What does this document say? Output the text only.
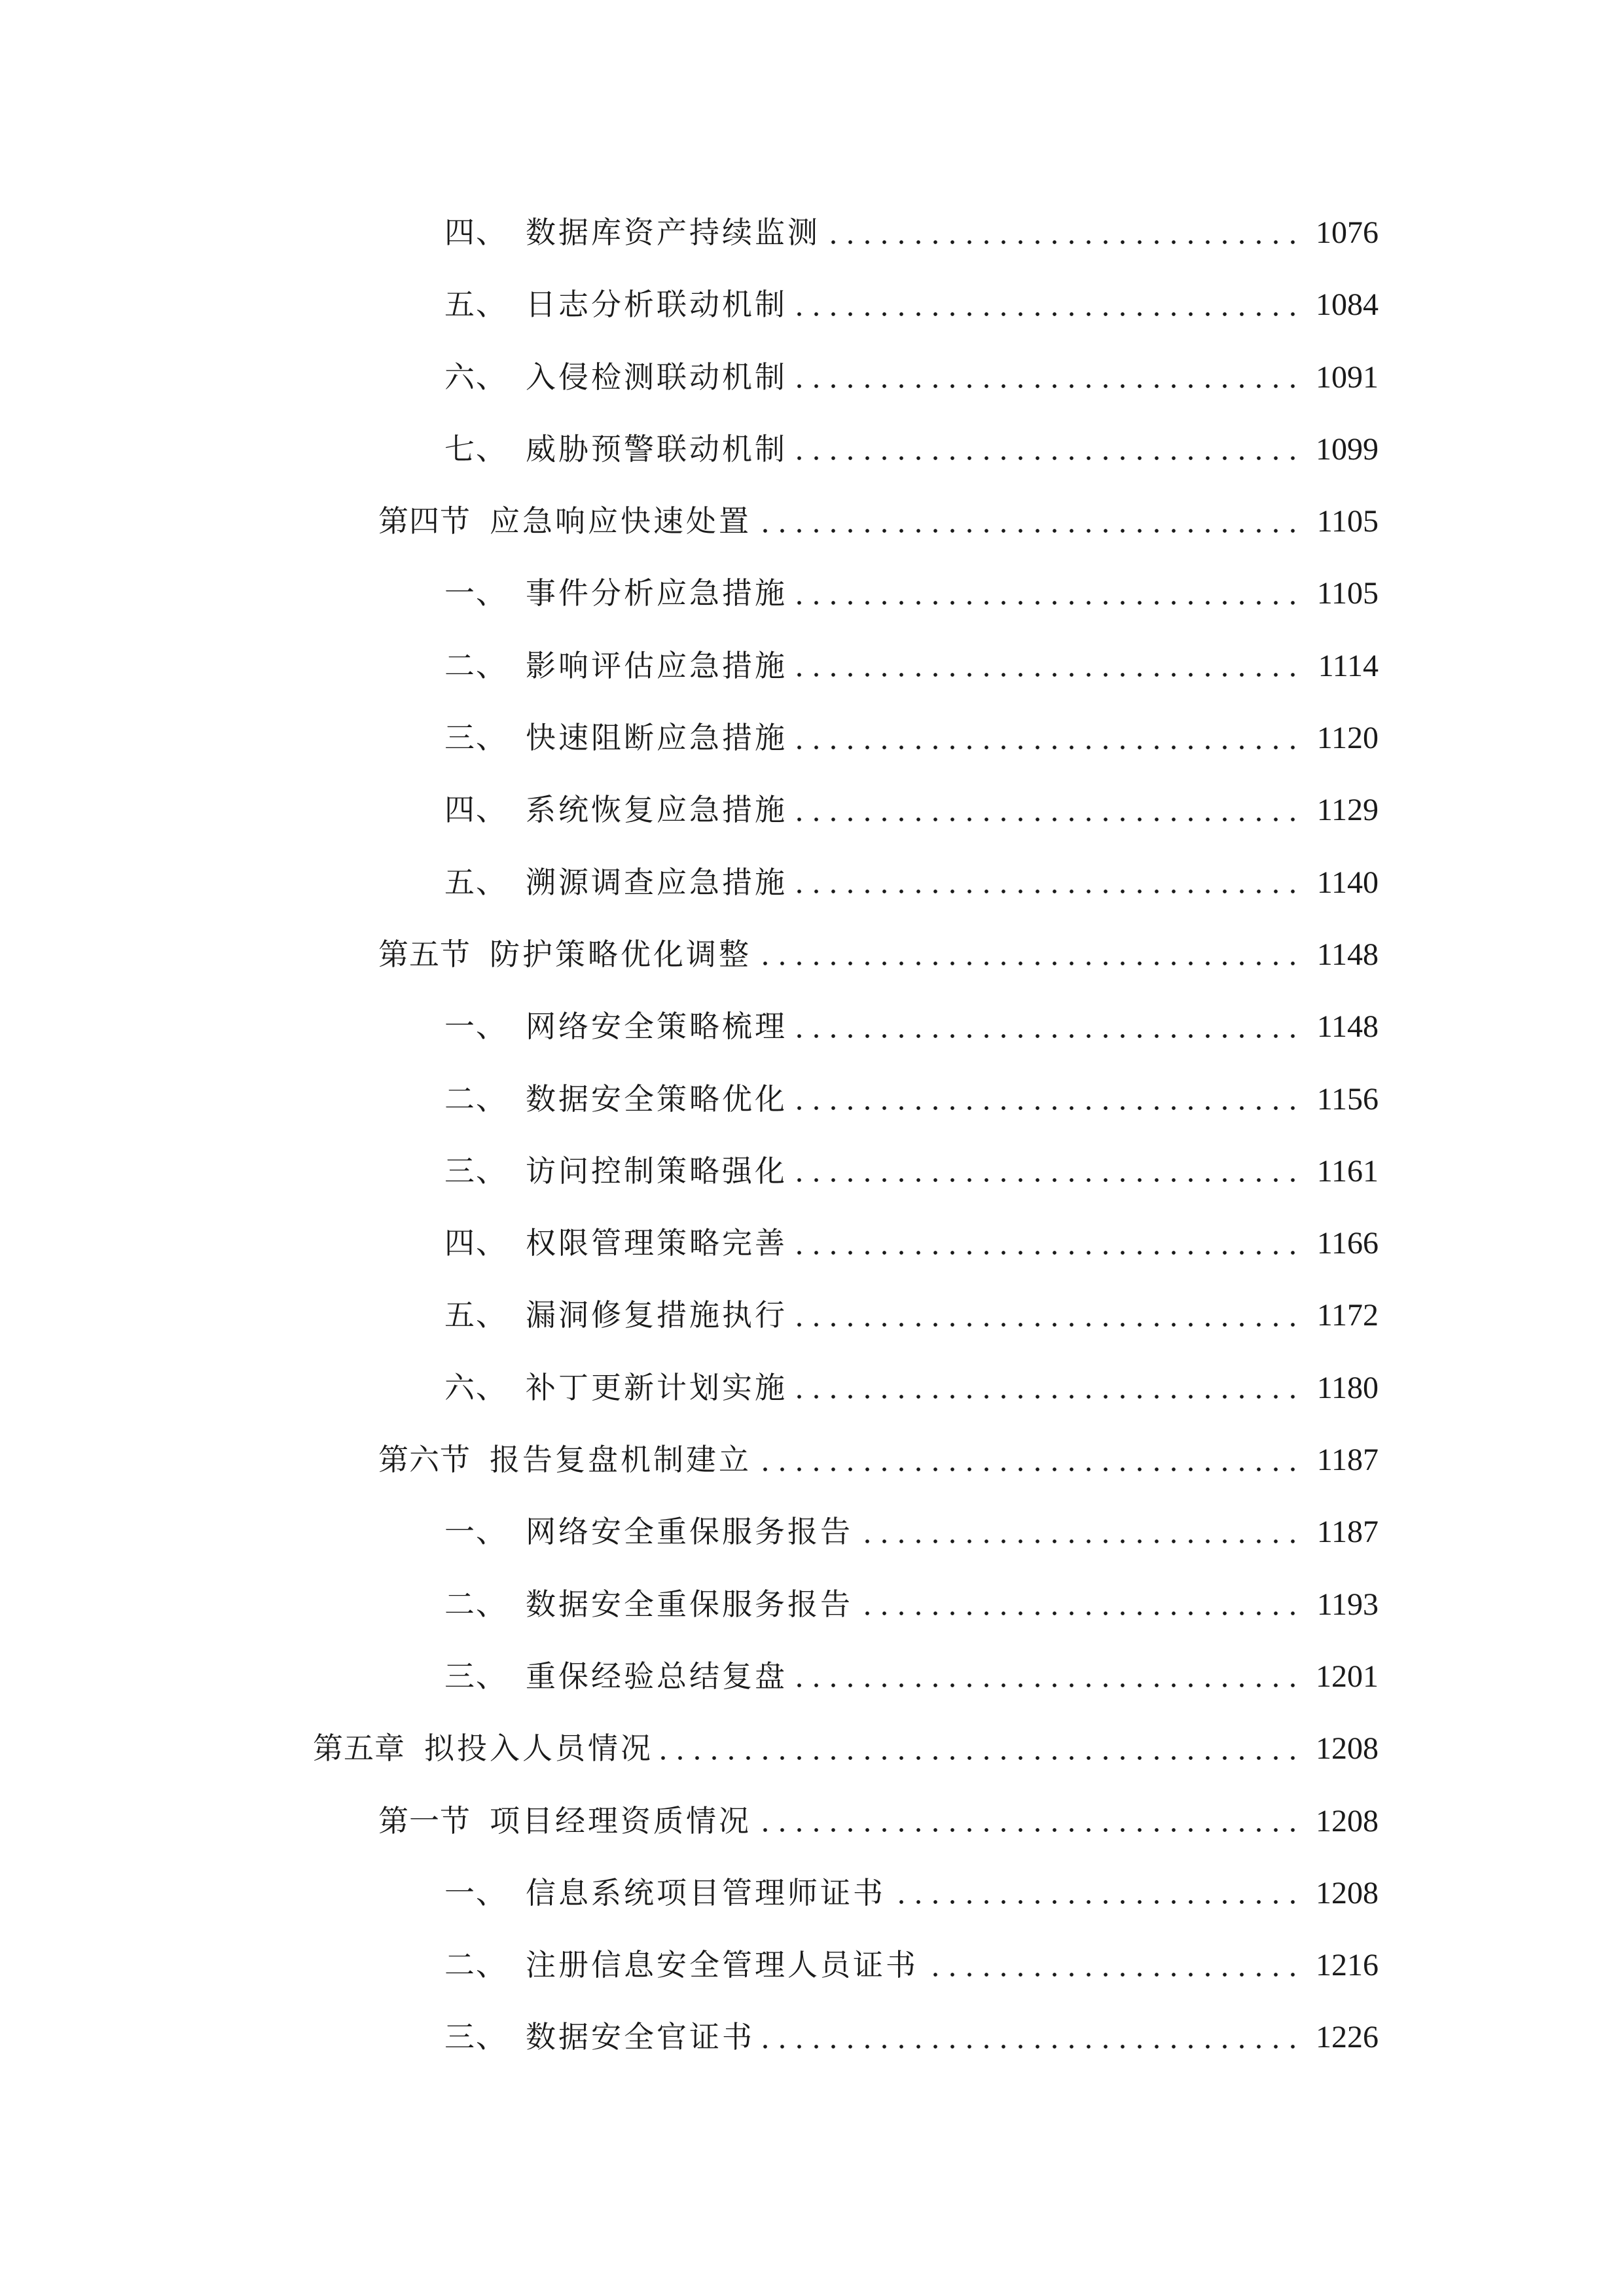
四、 数据库资产持续监测	1076
五、 日志分析联动机制	1084
六、 入侵检测联动机制	1091
七、 威胁预警联动机制	1099
第四节 应急响应快速处置	1105
一、 事件分析应急措施	1105
二、 影响评估应急措施	1114
三、 快速阻断应急措施	1120
四、 系统恢复应急措施	1129
五、 溯源调查应急措施	1140
第五节 防护策略优化调整	1148
一、 网络安全策略梳理	1148
二、 数据安全策略优化	1156
三、 访问控制策略强化	1161
四、 权限管理策略完善	1166
五、 漏洞修复措施执行	1172
六、 补丁更新计划实施	1180
第六节 报告复盘机制建立	1187
一、 网络安全重保服务报告	1187
二、 数据安全重保服务报告	1193
三、 重保经验总结复盘	1201
第五章 拟投入人员情况	1208
第一节 项目经理资质情况	1208
一、 信息系统项目管理师证书	1208
二、 注册信息安全管理人员证书	1216
三、 数据安全官证书	1226
